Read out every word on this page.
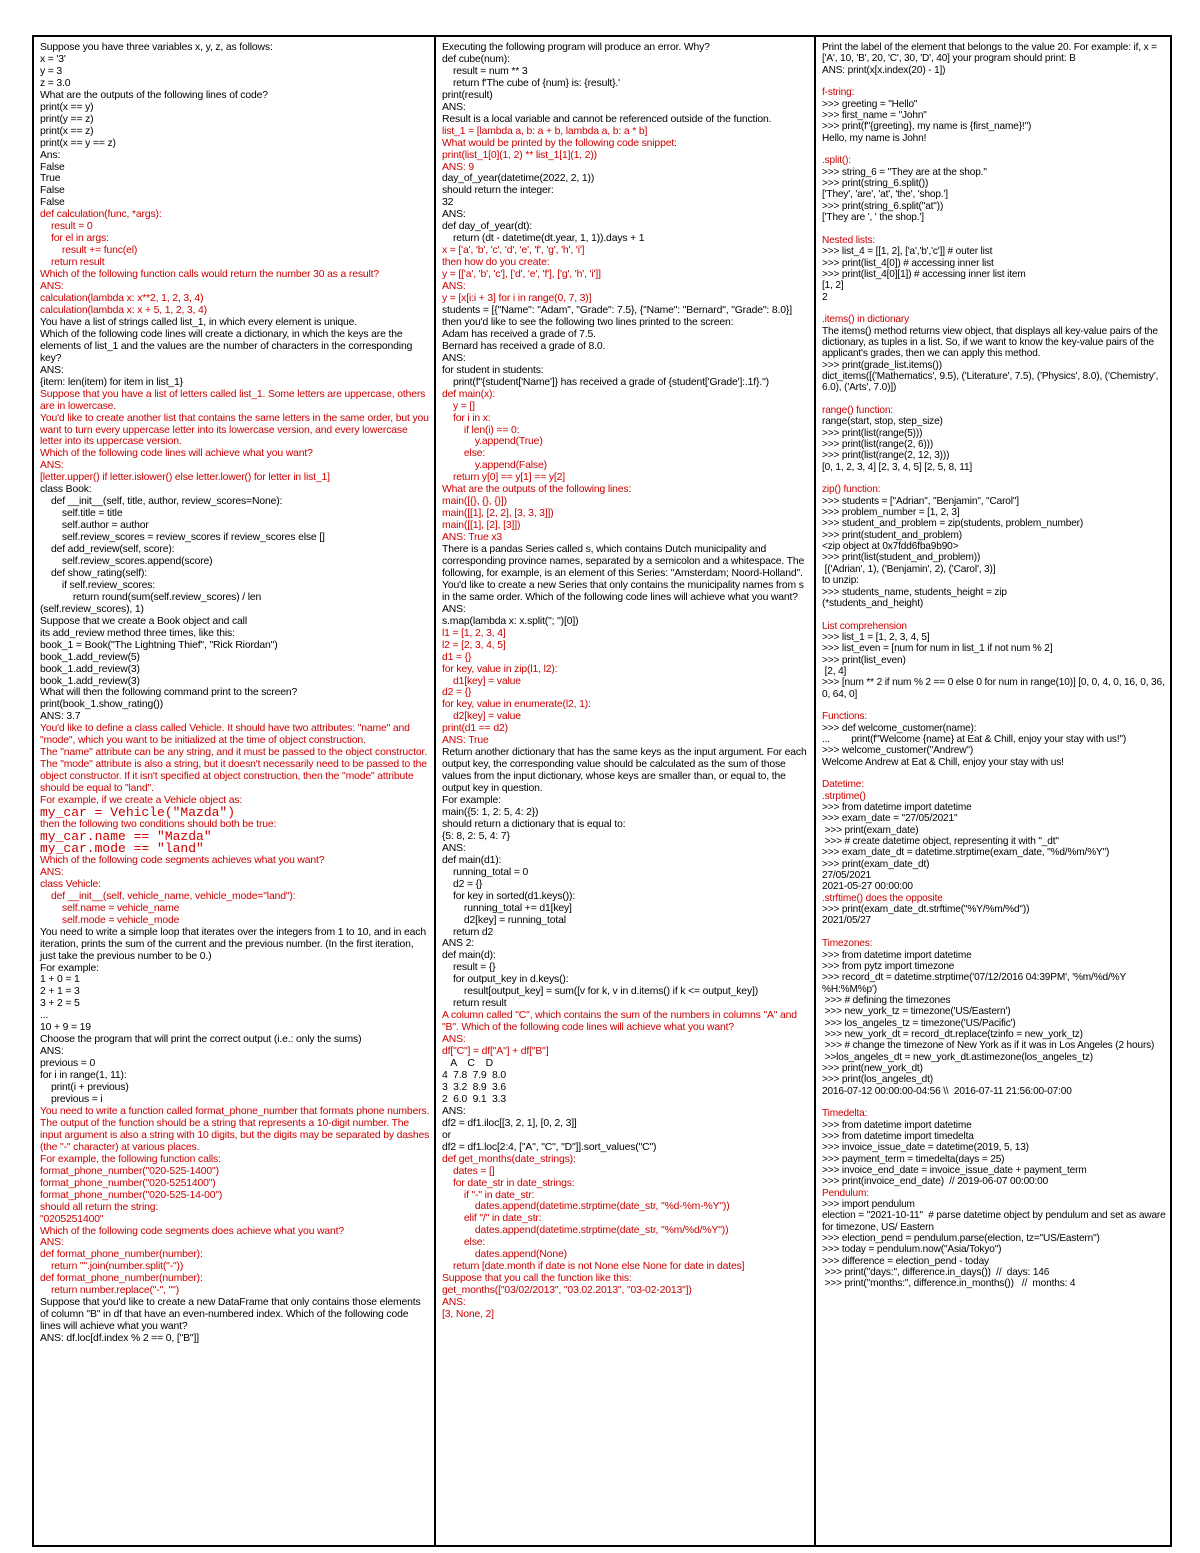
Suppose you have three variables x, y, z, as follows:
x = '3'
y = 3
z = 3.0
What are the outputs of the following lines of code?
print(x == y)
print(y == z)
print(x == z)
print(x == y == z)
Ans:
False
True
False
False
def calculation(func, *args):
result = 0
for el in args:
result += func(el)
return result
Which of the following function calls would return the number 30 as a result?
ANS:
calculation(lambda x: x**2, 1, 2, 3, 4)
calculation(lambda x: x + 5, 1, 2, 3, 4)
You have a list of strings called list_1, in which every element is unique.
Which of the following code lines will create a dictionary, in which the keys are the elements of list_1 and the values are the number of characters in the corresponding key?
ANS:
{item: len(item) for item in list_1}
Suppose that you have a list of letters called list_1. Some letters are uppercase, others are in lowercase.
You'd like to create another list that contains the same letters in the same order, but you want to turn every uppercase letter into its lowercase version, and every lowercase letter into its uppercase version.
Which of the following code lines will achieve what you want?
ANS:
[letter.upper() if letter.islower() else letter.lower() for letter in list_1]
class Book:
def __init__(self, title, author, review_scores=None):
self.title = title
self.author = author
self.review_scores = review_scores if review_scores else []
def add_review(self, score):
self.review_scores.append(score)
def show_rating(self):
if self.review_scores:
return round(sum(self.review_scores) / len
(self.review_scores), 1)
Suppose that we create a Book object and call
its add_review method three times, like this:
book_1 = Book("The Lightning Thief", "Rick Riordan")
book_1.add_review(5)
book_1.add_review(3)
book_1.add_review(3)
What will then the following command print to the screen?
print(book_1.show_rating())
ANS: 3.7
You'd like to define a class called Vehicle. It should have two attributes: "name" and "mode", which you want to be initialized at the time of object construction.
The "name" attribute can be any string, and it must be passed to the object constructor. The "mode" attribute is also a string, but it doesn't necessarily need to be passed to the object constructor. If it isn't specified at object construction, then the "mode" attribute should be equal to "land".
For example, if we create a Vehicle object as:
my_car = Vehicle("Mazda")
then the following two conditions should both be true:
my_car.name == "Mazda"
my_car.mode == "land"
Which of the following code segments achieves what you want?
ANS:
class Vehicle:
def __init__(self, vehicle_name, vehicle_mode="land"):
self.name = vehicle_name
self.mode = vehicle_mode
You need to write a simple loop that iterates over the integers from 1 to 10, and in each iteration, prints the sum of the current and the previous number. (In the first iteration, just take the previous number to be 0.)
For example:
1 + 0 = 1
2 + 1 = 3
3 + 2 = 5
...
10 + 9 = 19
Choose the program that will print the correct output (i.e.: only the sums)
ANS:
previous = 0
for i in range(1, 11):
print(i + previous)
previous = i
You need to write a function called format_phone_number that formats phone numbers. The output of the function should be a string that represents a 10-digit number. The input argument is also a string with 10 digits, but the digits may be separated by dashes (the "-" character) at various places.
For example, the following function calls:
format_phone_number("020-525-1400")
format_phone_number("020-5251400")
format_phone_number("020-525-14-00")
should all return the string:
"0205251400"
Which of the following code segments does achieve what you want?
ANS:
def format_phone_number(number):
return "".join(number.split("-"))
def format_phone_number(number):
return number.replace("-", "")
Suppose that you'd like to create a new DataFrame that only contains those elements of column "B" in df that have an even-numbered index. Which of the following code lines will achieve what you want?
ANS: df.loc[df.index % 2 == 0, ["B"]]
Executing the following program will produce an error. Why?
def cube(num):
result = num ** 3
return f'The cube of {num} is: {result}.'
print(result)
ANS:
Result is a local variable and cannot be referenced outside of the function.
list_1 = [lambda a, b: a + b, lambda a, b: a * b]
What would be printed by the following code snippet:
print(list_1[0](1, 2) ** list_1[1](1, 2))
ANS: 9
day_of_year(datetime(2022, 2, 1))
should return the integer:
32
ANS:
def day_of_year(dt):
return (dt - datetime(dt.year, 1, 1)).days + 1
x = ['a', 'b', 'c', 'd', 'e', 'f', 'g', 'h', 'i']
then how do you create:
y = [['a', 'b', 'c'], ['d', 'e', 'f'], ['g', 'h', 'i']]
ANS:
y = [x[i:i + 3] for i in range(0, 7, 3)]
students = [{"Name": "Adam", "Grade": 7.5}, {"Name": "Bernard", "Grade": 8.0}]
then you'd like to see the following two lines printed to the screen:
Adam has received a grade of 7.5.
Bernard has received a grade of 8.0.
ANS:
for student in students:
print(f"{student['Name']} has received a grade of {student['Grade']:.1f}.")
def main(x):
y = []
for i in x:
if len(i) == 0:
y.append(True)
else:
y.append(False)
return y[0] == y[1] == y[2]
What are the outputs of the following lines:
main([{}, {}, {}])
main([[1], [2, 2], [3, 3, 3]])
main([[1], [2], [3]])
ANS: True x3
There is a pandas Series called s, which contains Dutch municipality and corresponding province names, separated by a semicolon and a whitespace. The following, for example, is an element of this Series: "Amsterdam; Noord-Holland".
You'd like to create a new Series that only contains the municipality names from s in the same order. Which of the following code lines will achieve what you want?
ANS:
s.map(lambda x: x.split("; ")[0])
l1 = [1, 2, 3, 4]
l2 = [2, 3, 4, 5]
d1 = {}
for key, value in zip(l1, l2):
d1[key] = value
d2 = {}
for key, value in enumerate(l2, 1):
d2[key] = value
print(d1 == d2)
ANS: True
Return another dictionary that has the same keys as the input argument. For each output key, the corresponding value should be calculated as the sum of those values from the input dictionary, whose keys are smaller than, or equal to, the output key in question.
For example:
main({5: 1, 2: 5, 4: 2})
should return a dictionary that is equal to:
{5: 8, 2: 5, 4: 7}
ANS:
def main(d1):
running_total = 0
d2 = {}
for key in sorted(d1.keys()):
running_total += d1[key]
d2[key] = running_total
return d2
ANS 2:
def main(d):
result = {}
for output_key in d.keys():
result[output_key] = sum([v for k, v in d.items() if k <= output_key])
return result
A column called "C", which contains the sum of the numbers in columns "A" and "B". Which of the following code lines will achieve what you want?
ANS:
df["C"] = df["A"] + df["B"]
A    C    D
4  7.8  7.9  8.0
3  3.2  8.9  3.6
2  6.0  9.1  3.3
ANS:
df2 = df1.iloc[[3, 2, 1], [0, 2, 3]]
or
df2 = df1.loc[2:4, ["A", "C", "D"]].sort_values("C")
def get_months(date_strings):
dates = []
for date_str in date_strings:
if "-" in date_str:
dates.append(datetime.strptime(date_str, "%d-%m-%Y"))
elif "/" in date_str:
dates.append(datetime.strptime(date_str, "%m/%d/%Y"))
else:
dates.append(None)
return [date.month if date is not None else None for date in dates]
Suppose that you call the function like this:
get_months(["03/02/2013", "03.02.2013", "03-02-2013"])
ANS:
[3, None, 2]
Print the label of the element that belongs to the value 20. For example: if, x = ['A', 10, 'B', 20, 'C', 30, 'D', 40] your program should print: B
ANS: print(x[x.index(20) - 1])

f-string:
>>> greeting = "Hello"
>>> first_name = "John"
>>> print(f"{greeting}, my name is {first_name}!")
Hello, my name is John!

.split():
>>> string_6 = "They are at the shop."
>>> print(string_6.split())
['They', 'are', 'at', 'the', 'shop.']
>>> print(string_6.split("at"))
['They are ', ' the shop.']

Nested lists:
>>> list_4 = [[1, 2], ['a','b','c']] # outer list
>>> print(list_4[0]) # accessing inner list
>>> print(list_4[0][1]) # accessing inner list item
[1, 2]
2

.items() in dictionary
The items() method returns view object, that displays all key-value pairs of the dictionary, as tuples in a list. So, if we want to know the key-value pairs of the applicant's grades, then we can apply this method.
>>> print(grade_list.items())
dict_items([('Mathematics', 9.5), ('Literature', 7.5), ('Physics', 8.0), ('Chemistry', 6.0), ('Arts', 7.0)])

range() function:
range(start, stop, step_size)
>>> print(list(range(5)))
>>> print(list(range(2, 6)))
>>> print(list(range(2, 12, 3)))
[0, 1, 2, 3, 4] [2, 3, 4, 5] [2, 5, 8, 11]

zip() function:
>>> students = ["Adrian", "Benjamin", "Carol"]
>>> problem_number = [1, 2, 3]
>>> student_and_problem = zip(students, problem_number)
>>> print(student_and_problem)
<zip object at 0x7fdd6fba9b90>
>>> print(list(student_and_problem))
[('Adrian', 1), ('Benjamin', 2), ('Carol', 3)]
to unzip:
>>> students_name, students_height = zip
(*students_and_height)

List comprehension
>>> list_1 = [1, 2, 3, 4, 5]
>>> list_even = [num for num in list_1 if not num % 2]
>>> print(list_even)
[2, 4]
>>> [num ** 2 if num % 2 == 0 else 0 for num in range(10)] [0, 0, 4, 0, 16, 0, 36, 0, 64, 0]

Functions:
>>> def welcome_customer(name):
...        print(f"Welcome {name} at Eat & Chill, enjoy your stay with us!")
>>> welcome_customer("Andrew")
Welcome Andrew at Eat & Chill, enjoy your stay with us!

Datetime:
.strptime()
>>> from datetime import datetime
>>> exam_date = "27/05/2021"
>>> print(exam_date)
>>> # create datetime object, representing it with "_dt"
>>> exam_date_dt = datetime.strptime(exam_date, "%d/%m/%Y")
>>> print(exam_date_dt)
27/05/2021
2021-05-27 00:00:00
.strftime() does the opposite
>>> print(exam_date_dt.strftime("%Y/%m/%d"))
2021/05/27

Timezones:
>>> from datetime import datetime
>>> from pytz import timezone
>>> record_dt = datetime.strptime('07/12/2016 04:39PM', '%m/%d/%Y %H:%M%p')
>>> # defining the timezones
>>> new_york_tz = timezone('US/Eastern')
>>> los_angeles_tz = timezone('US/Pacific')
>>> new_york_dt = record_dt.replace(tzinfo = new_york_tz)
>>> # change the timezone of New York as if it was in Los Angeles (2 hours)
>>los_angeles_dt = new_york_dt.astimezone(los_angeles_tz)
>>> print(new_york_dt)
>>> print(los_angeles_dt)
2016-07-12 00:00:00-04:56 \\  2016-07-11 21:56:00-07:00

Timedelta:
>>> from datetime import datetime
>>> from datetime import timedelta
>>> invoice_issue_date = datetime(2019, 5, 13)
>>> payment_term = timedelta(days = 25)
>>> invoice_end_date = invoice_issue_date + payment_term
>>> print(invoice_end_date)  // 2019-06-07 00:00:00
Pendulum:
>>> import pendulum
election = "2021-10-11"  # parse datetime object by pendulum and set as aware for timezone, US/ Eastern
>>> election_pend = pendulum.parse(election, tz="US/Eastern")
>>> today = pendulum.now("Asia/Tokyo")
>>> difference = election_pend - today
>>> print("days:", difference.in_days())  //  days: 146
>>> print("months:", difference.in_months())   //  months: 4
